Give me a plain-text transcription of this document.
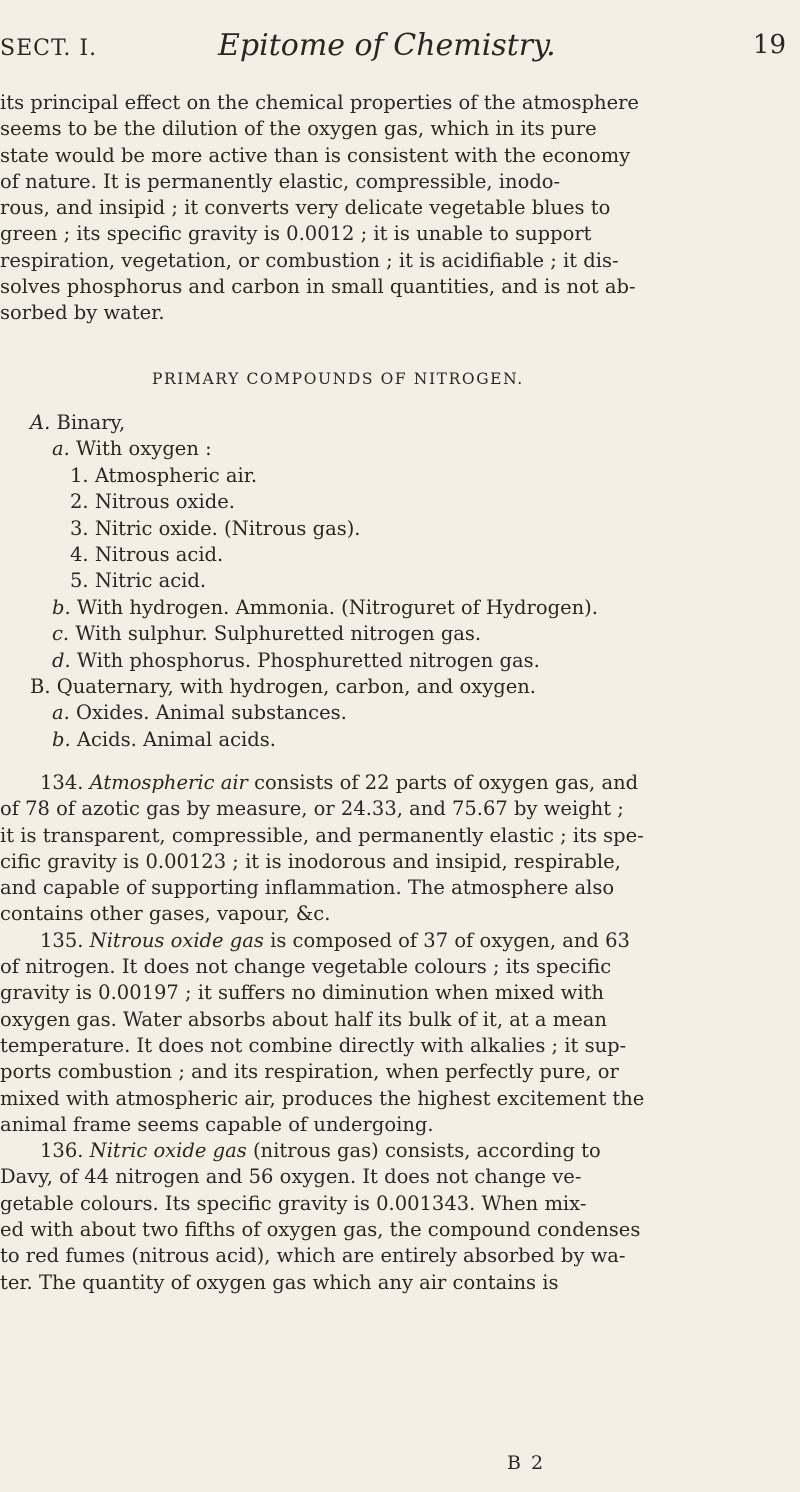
SECT. I.	Epitome of Chemistry.	19
its principal effect on the chemical properties of the atmosphere
seems to be the dilution of the oxygen gas, which in its pure
state would be more active than is consistent with the economy
of nature. It is permanently elastic, compressible, inodo-
rous, and insipid ; it converts very delicate vegetable blues to
green ; its specific gravity is 0.0012 ; it is unable to support
respiration, vegetation, or combustion ; it is acidifiable ; it dis-
solves phosphorus and carbon in small quantities, and is not ab-
sorbed by water.
PRIMARY COMPOUNDS OF NITROGEN.
A. Binary,
a. With oxygen :
1. Atmospheric air.
2. Nitrous oxide.
3. Nitric oxide. (Nitrous gas).
4. Nitrous acid.
5. Nitric acid.
b. With hydrogen. Ammonia. (Nitroguret of Hydrogen).
c. With sulphur. Sulphuretted nitrogen gas.
d. With phosphorus. Phosphuretted nitrogen gas.
B. Quaternary, with hydrogen, carbon, and oxygen.
a. Oxides. Animal substances.
b. Acids. Animal acids.
134. Atmospheric air consists of 22 parts of oxygen gas, and
of 78 of azotic gas by measure, or 24.33, and 75.67 by weight ;
it is transparent, compressible, and permanently elastic ; its spe-
cific gravity is 0.00123 ; it is inodorous and insipid, respirable,
and capable of supporting inflammation. The atmosphere also
contains other gases, vapour, &c.
135. Nitrous oxide gas is composed of 37 of oxygen, and 63
of nitrogen. It does not change vegetable colours ; its specific
gravity is 0.00197 ; it suffers no diminution when mixed with
oxygen gas. Water absorbs about half its bulk of it, at a mean
temperature. It does not combine directly with alkalies ; it sup-
ports combustion ; and its respiration, when perfectly pure, or
mixed with atmospheric air, produces the highest excitement the
animal frame seems capable of undergoing.
136. Nitric oxide gas (nitrous gas) consists, according to
Davy, of 44 nitrogen and 56 oxygen. It does not change ve-
getable colours. Its specific gravity is 0.001343. When mix-
ed with about two fifths of oxygen gas, the compound condenses
to red fumes (nitrous acid), which are entirely absorbed by wa-
ter. The quantity of oxygen gas which any air contains is
B 2
